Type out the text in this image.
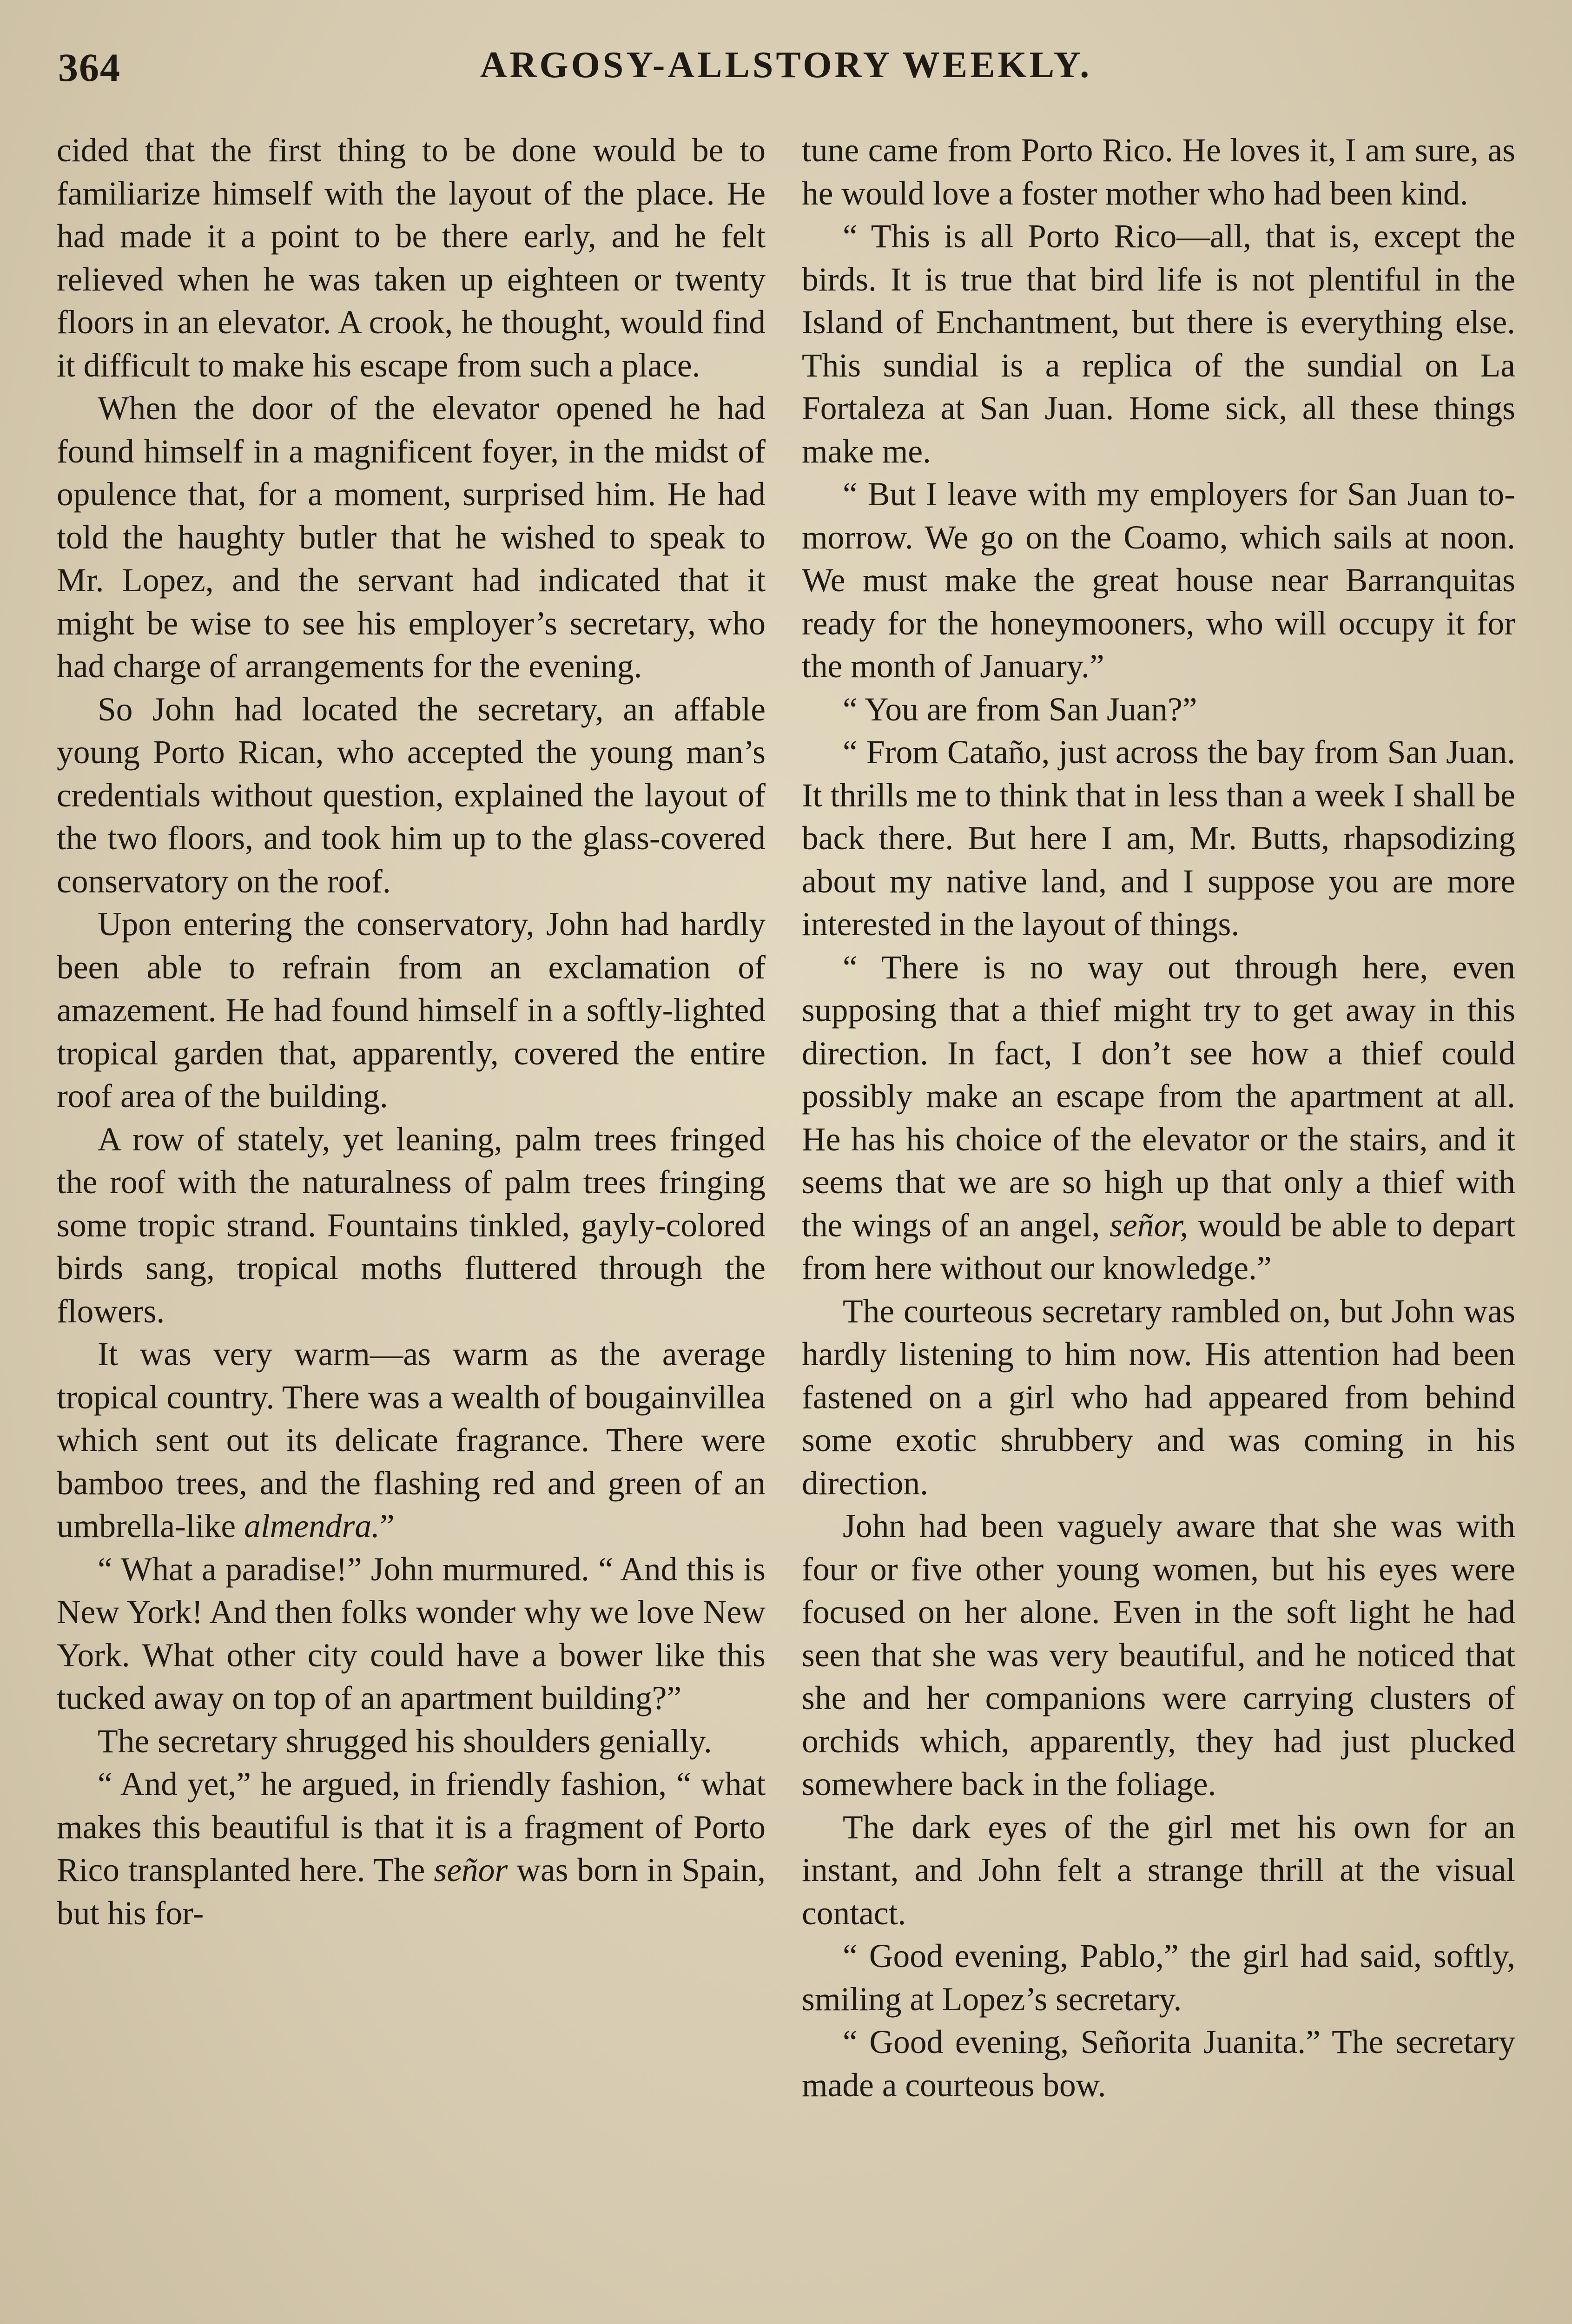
364	ARGOSY-ALLSTORY WEEKLY.

cided that the first thing to be done would be to familiarize himself with the layout of the place. He had made it a point to be there early, and he felt relieved when he was taken up eighteen or twenty floors in an elevator. A crook, he thought, would find it difficult to make his escape from such a place.

When the door of the elevator opened he had found himself in a magnificent foyer, in the midst of opulence that, for a moment, surprised him. He had told the haughty butler that he wished to speak to Mr. Lopez, and the servant had indicated that it might be wise to see his employer’s secretary, who had charge of arrangements for the evening.

So John had located the secretary, an affable young Porto Rican, who accepted the young man’s credentials without question, explained the layout of the two floors, and took him up to the glass-covered conservatory on the roof.

Upon entering the conservatory, John had hardly been able to refrain from an exclamation of amazement. He had found himself in a softly-lighted tropical garden that, apparently, covered the entire roof area of the building.

A row of stately, yet leaning, palm trees fringed the roof with the naturalness of palm trees fringing some tropic strand. Fountains tinkled, gayly-colored birds sang, tropical moths fluttered through the flowers.

It was very warm—as warm as the average tropical country. There was a wealth of bougainvillea which sent out its delicate fragrance. There were bamboo trees, and the flashing red and green of an umbrella-like almendra.”

“ What a paradise!” John murmured. “ And this is New York! And then folks wonder why we love New York. What other city could have a bower like this tucked away on top of an apartment building?”

The secretary shrugged his shoulders genially.

“ And yet,” he argued, in friendly fashion, “ what makes this beautiful is that it is a fragment of Porto Rico transplanted here. The señor was born in Spain, but his for-

tune came from Porto Rico. He loves it, I am sure, as he would love a foster mother who had been kind.

“ This is all Porto Rico—all, that is, except the birds. It is true that bird life is not plentiful in the Island of Enchantment, but there is everything else. This sundial is a replica of the sundial on La Fortaleza at San Juan. Home sick, all these things make me.

“ But I leave with my employers for San Juan to-morrow. We go on the Coamo, which sails at noon. We must make the great house near Barranquitas ready for the honeymooners, who will occupy it for the month of January.”

“ You are from San Juan?”

“ From Cataño, just across the bay from San Juan. It thrills me to think that in less than a week I shall be back there. But here I am, Mr. Butts, rhapsodizing about my native land, and I suppose you are more interested in the layout of things.

“ There is no way out through here, even supposing that a thief might try to get away in this direction. In fact, I don’t see how a thief could possibly make an escape from the apartment at all. He has his choice of the elevator or the stairs, and it seems that we are so high up that only a thief with the wings of an angel, señor, would be able to depart from here without our knowledge.”

The courteous secretary rambled on, but John was hardly listening to him now. His attention had been fastened on a girl who had appeared from behind some exotic shrubbery and was coming in his direction.

John had been vaguely aware that she was with four or five other young women, but his eyes were focused on her alone. Even in the soft light he had seen that she was very beautiful, and he noticed that she and her companions were carrying clusters of orchids which, apparently, they had just plucked somewhere back in the foliage.

The dark eyes of the girl met his own for an instant, and John felt a strange thrill at the visual contact.

“ Good evening, Pablo,” the girl had said, softly, smiling at Lopez’s secretary.

“ Good evening, Señorita Juanita.” The secretary made a courteous bow.
